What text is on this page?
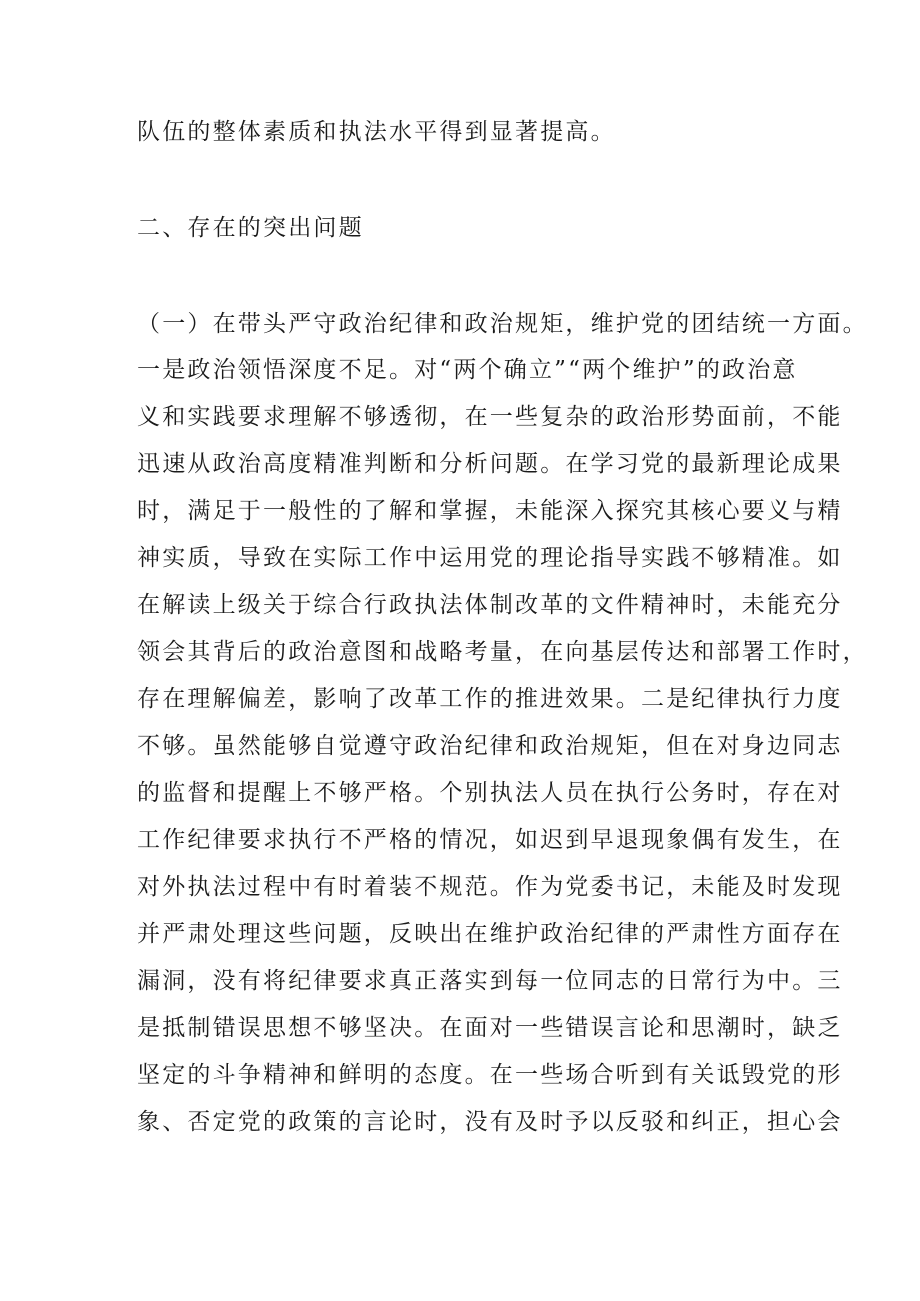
队伍的整体素质和执法水平得到显著提高。
二、存在的突出问题
（一）在带头严守政治纪律和政治规矩，维护党的团结统一方面。
一是政治领悟深度不足。对“两个确立”“两个维护”的政治意
义和实践要求理解不够透彻，在一些复杂的政治形势面前，不能
迅速从政治高度精准判断和分析问题。在学习党的最新理论成果
时，满足于一般性的了解和掌握，未能深入探究其核心要义与精
神实质，导致在实际工作中运用党的理论指导实践不够精准。如
在解读上级关于综合行政执法体制改革的文件精神时，未能充分
领会其背后的政治意图和战略考量，在向基层传达和部署工作时，
存在理解偏差，影响了改革工作的推进效果。二是纪律执行力度
不够。虽然能够自觉遵守政治纪律和政治规矩，但在对身边同志
的监督和提醒上不够严格。个别执法人员在执行公务时，存在对
工作纪律要求执行不严格的情况，如迟到早退现象偶有发生，在
对外执法过程中有时着装不规范。作为党委书记，未能及时发现
并严肃处理这些问题，反映出在维护政治纪律的严肃性方面存在
漏洞，没有将纪律要求真正落实到每一位同志的日常行为中。三
是抵制错误思想不够坚决。在面对一些错误言论和思潮时，缺乏
坚定的斗争精神和鲜明的态度。在一些场合听到有关诋毁党的形
象、否定党的政策的言论时，没有及时予以反驳和纠正，担心会
